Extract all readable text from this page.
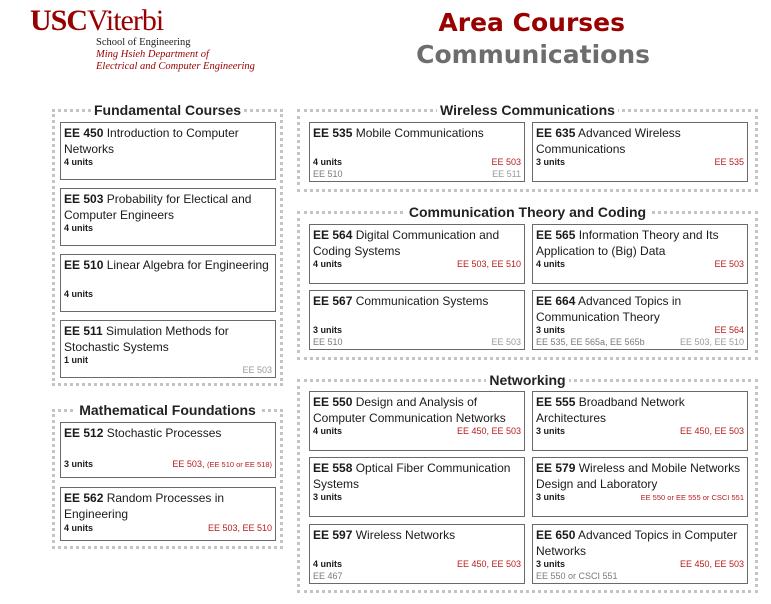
USCViterbi
School of Engineering
Ming Hsieh Department of
Electrical and Computer Engineering
Area Courses
Communications
Fundamental Courses
EE 450 Introduction to Computer Networks
4 units
EE 503 Probability for Electical and Computer Engineers
4 units
EE 510 Linear Algebra for Engineering
4 units
EE 511 Simulation Methods for Stochastic Systems
1 unit
EE 503
Mathematical Foundations
EE 512 Stochastic Processes
3 units	EE 503, (EE 510 or EE 518)
EE 562 Random Processes in Engineering
4 units	EE 503, EE 510
Wireless Communications
EE 535 Mobile Communications
4 units	EE 503
EE 510	EE 511
EE 635 Advanced Wireless Communications
3 units	EE 535
Communication Theory and Coding
EE 564 Digital Communication and Coding Systems
4 units	EE 503, EE 510
EE 565 Information Theory and Its Application to (Big) Data
4 units	EE 503
EE 567 Communication Systems
3 units
EE 510	EE 503
EE 664 Advanced Topics in Communication Theory
3 units	EE 564
EE 535, EE 565a, EE 565b	EE 503, EE 510
Networking
EE 550 Design and Analysis of Computer Communication Networks
4 units	EE 450, EE 503
EE 555 Broadband Network Architectures
3 units	EE 450, EE 503
EE 558 Optical Fiber Communication Systems
3 units
EE 579 Wireless and Mobile Networks Design and Laboratory
3 units	EE 550 or EE 555 or CSCI 551
EE 597 Wireless Networks
4 units	EE 450, EE 503
EE 467
EE 650 Advanced Topics in Computer Networks
3 units	EE 450, EE 503
EE 550 or CSCI 551
